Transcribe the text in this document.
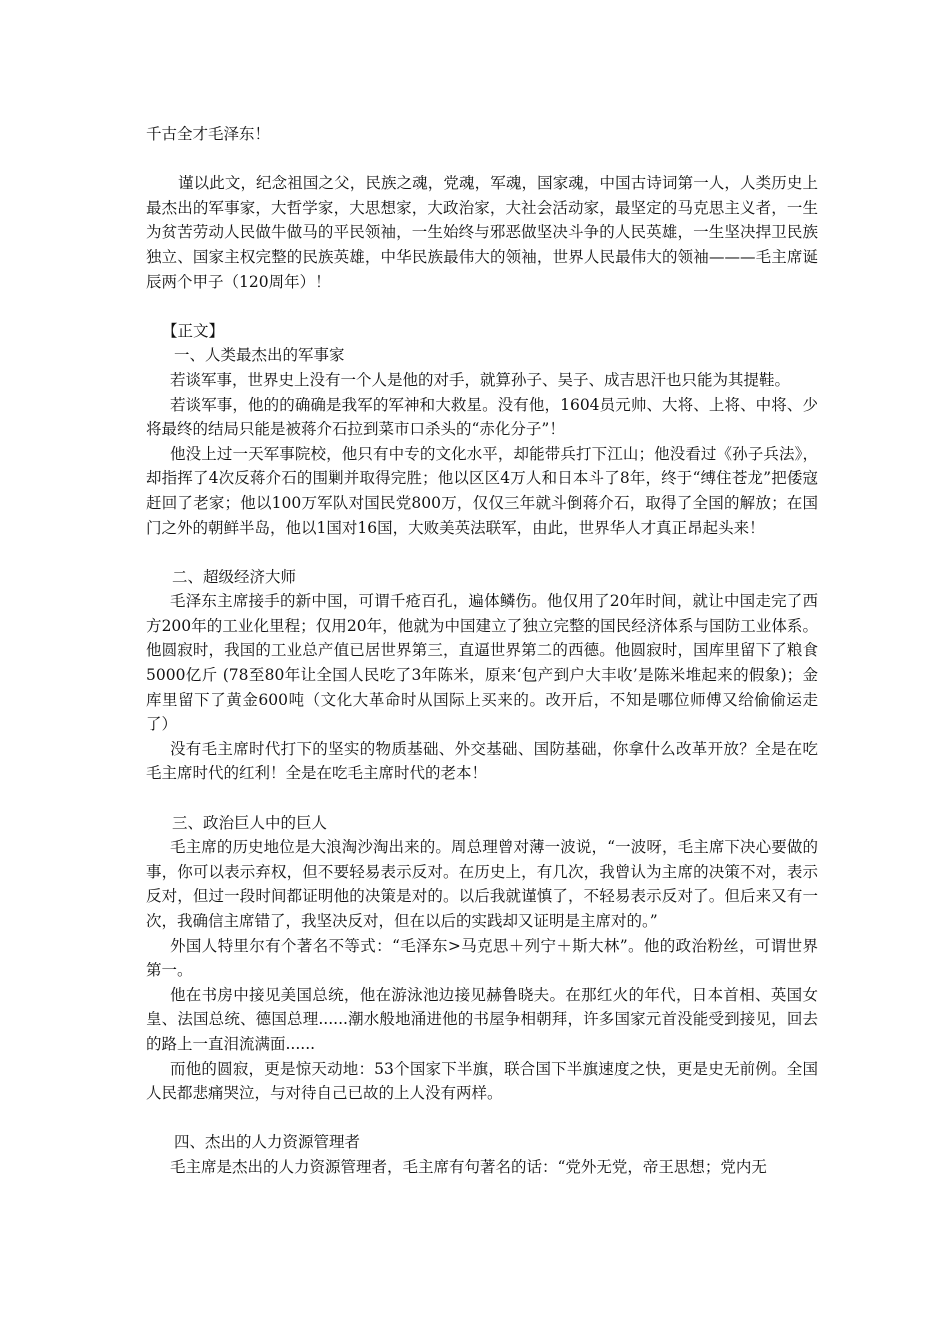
千古全才毛泽东！

谨以此文，纪念祖国之父，民族之魂，党魂，军魂，国家魂，中国古诗词第一人，人类历史上最杰出的军事家，大哲学家，大思想家，大政治家，大社会活动家，最坚定的马克思主义者，一生为贫苦劳动人民做牛做马的平民领袖，一生始终与邪恶做坚决斗争的人民英雄，一生坚决捍卫民族独立、国家主权完整的民族英雄，中华民族最伟大的领袖，世界人民最伟大的领袖———毛主席诞辰两个甲子（120周年）！

【正文】

一、人类最杰出的军事家

若谈军事，世界史上没有一个人是他的对手，就算孙子、吴子、成吉思汗也只能为其提鞋。

若谈军事，他的的确确是我军的军神和大救星。没有他，1604员元帅、大将、上将、中将、少将最终的结局只能是被蒋介石拉到菜市口杀头的“赤化分子”！

他没上过一天军事院校，他只有中专的文化水平，却能带兵打下江山；他没看过《孙子兵法》，却指挥了4次反蒋介石的围剿并取得完胜；他以区区4万人和日本斗了8年，终于“缚住苍龙”把倭寇赶回了老家；他以100万军队对国民党800万，仅仅三年就斗倒蒋介石，取得了全国的解放；在国门之外的朝鲜半岛，他以1国对16国，大败美英法联军，由此，世界华人才真正昂起头来！

二、超级经济大师

毛泽东主席接手的新中国，可谓千疮百孔，遍体鳞伤。他仅用了20年时间，就让中国走完了西方200年的工业化里程；仅用20年，他就为中国建立了独立完整的国民经济体系与国防工业体系。他圆寂时，我国的工业总产值已居世界第三，直逼世界第二的西德。他圆寂时，国库里留下了粮食5000亿斤 (78至80年让全国人民吃了3年陈米，原来‘包产到户大丰收’是陈米堆起来的假象)；金库里留下了黄金600吨（文化大革命时从国际上买来的。改开后，不知是哪位师傅又给偷偷运走了）

没有毛主席时代打下的坚实的物质基础、外交基础、国防基础，你拿什么改革开放？全是在吃毛主席时代的红利！全是在吃毛主席时代的老本！

三、政治巨人中的巨人

毛主席的历史地位是大浪淘沙淘出来的。周总理曾对薄一波说，“一波呀，毛主席下决心要做的事，你可以表示弃权，但不要轻易表示反对。在历史上，有几次，我曾认为主席的决策不对，表示反对，但过一段时间都证明他的决策是对的。以后我就谨慎了，不轻易表示反对了。但后来又有一次，我确信主席错了，我坚决反对，但在以后的实践却又证明是主席对的。”

外国人特里尔有个著名不等式：“毛泽东>马克思＋列宁＋斯大林”。他的政治粉丝，可谓世界第一。

他在书房中接见美国总统，他在游泳池边接见赫鲁晓夫。在那红火的年代，日本首相、英国女皇、法国总统、德国总理......潮水般地涌进他的书屋争相朝拜，许多国家元首没能受到接见，回去的路上一直泪流满面......

而他的圆寂，更是惊天动地：53个国家下半旗，联合国下半旗速度之快，更是史无前例。全国人民都悲痛哭泣，与对待自己已故的上人没有两样。

四、杰出的人力资源管理者

毛主席是杰出的人力资源管理者，毛主席有句著名的话：“党外无党，帝王思想；党内无
